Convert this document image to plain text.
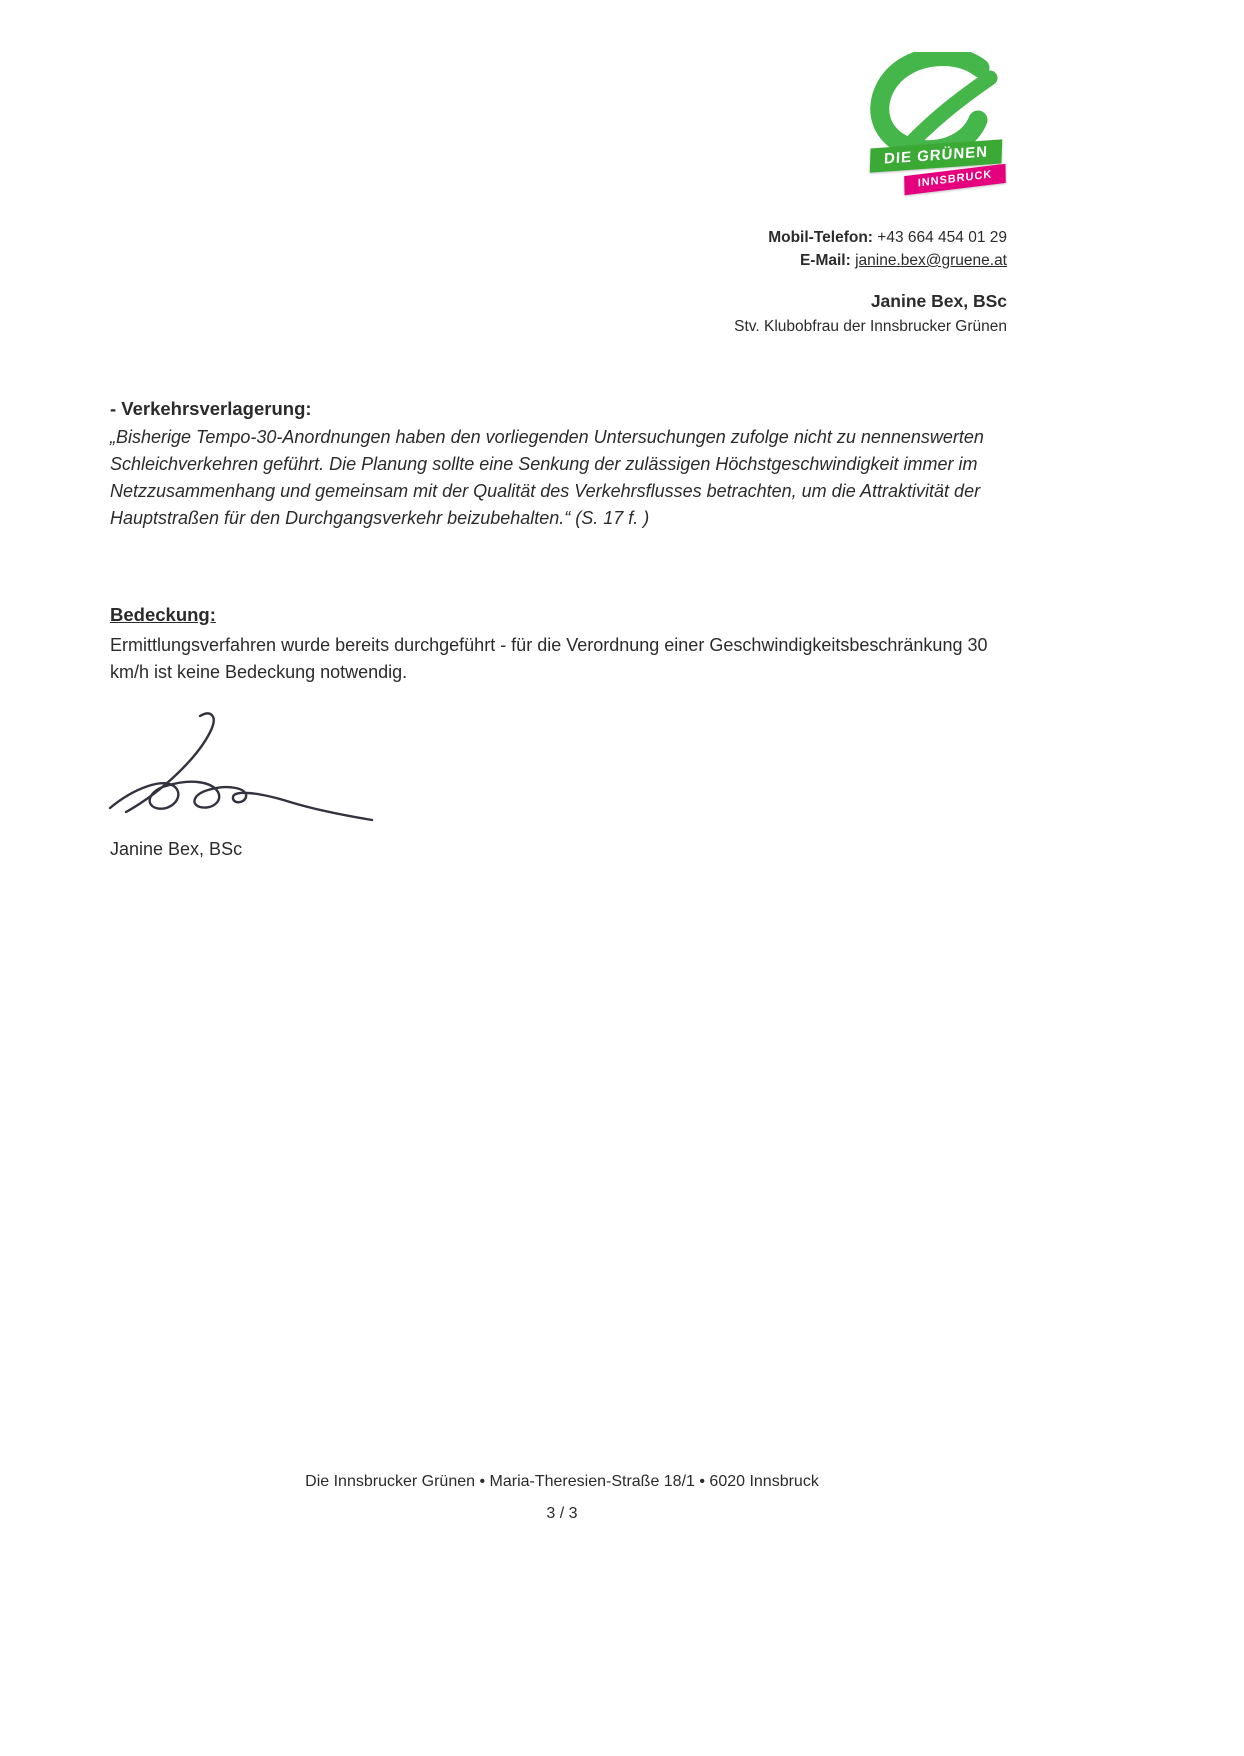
DIE GRÜNEN
INNSBRUCK
Mobil-Telefon: +43 664 454 01 29
E-Mail: janine.bex@gruene.at
Janine Bex, BSc
Stv. Klubobfrau der Innsbrucker Grünen

- Verkehrsverlagerung:

„Bisherige Tempo-30-Anordnungen haben den vorliegenden Untersuchungen zufolge nicht zu nennenswerten Schleichverkehren geführt. Die Planung sollte eine Senkung der zulässigen Höchstgeschwindigkeit immer im Netzzusammenhang und gemeinsam mit der Qualität des Verkehrsflusses betrachten, um die Attraktivität der Hauptstraßen für den Durchgangsverkehr beizubehalten.“ (S. 17 f. )

Bedeckung:

Ermittlungsverfahren wurde bereits durchgeführt - für die Verordnung einer Geschwindigkeitsbeschränkung 30 km/h ist keine Bedeckung notwendig.

Janine Bex, BSc

Die Innsbrucker Grünen • Maria-Theresien-Straße 18/1 • 6020 Innsbruck
3 / 3
